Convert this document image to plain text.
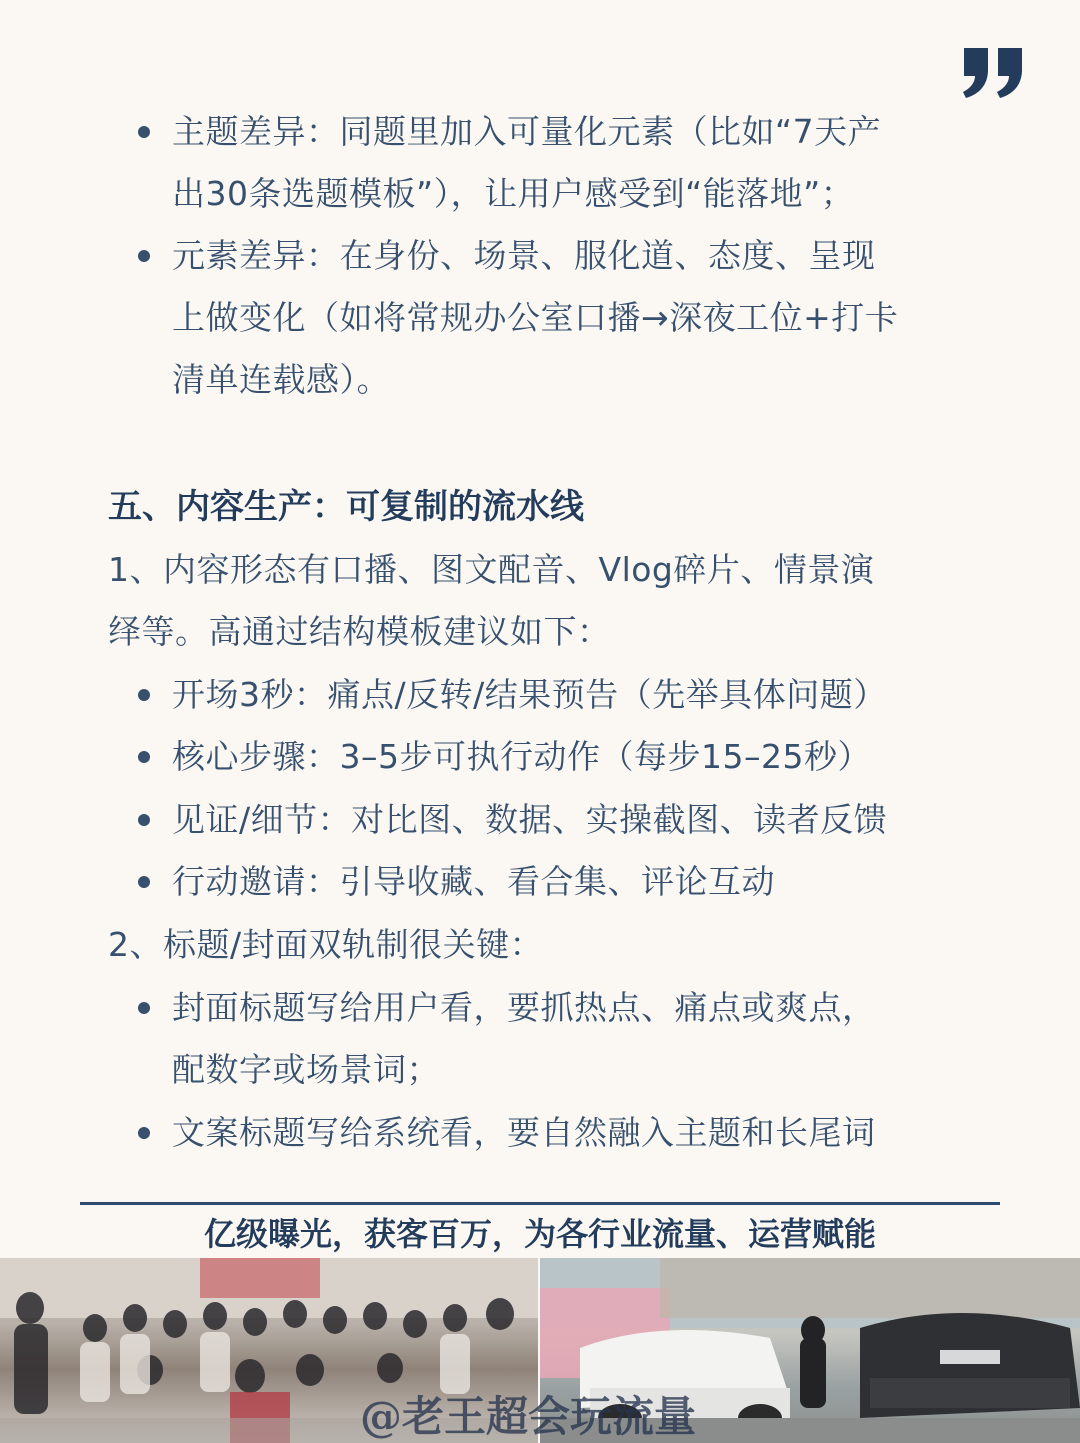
主题差异：同题里加入可量化元素（比如“7天产
出30条选题模板”），让用户感受到“能落地”；
元素差异：在身份、场景、服化道、态度、呈现
上做变化（如将常规办公室口播→深夜工位+打卡
清单连载感）。
五、内容生产：可复制的流水线
1、内容形态有口播、图文配音、Vlog碎片、情景演
绎等。高通过结构模板建议如下：
开场3秒：痛点/反转/结果预告（先举具体问题）
核心步骤：3–5步可执行动作（每步15–25秒）
见证/细节：对比图、数据、实操截图、读者反馈
行动邀请：引导收藏、看合集、评论互动
2、标题/封面双轨制很关键：
封面标题写给用户看，要抓热点、痛点或爽点，
配数字或场景词；
文案标题写给系统看，要自然融入主题和长尾词
亿级曝光，获客百万，为各行业流量、运营赋能
@老王超会玩流量
